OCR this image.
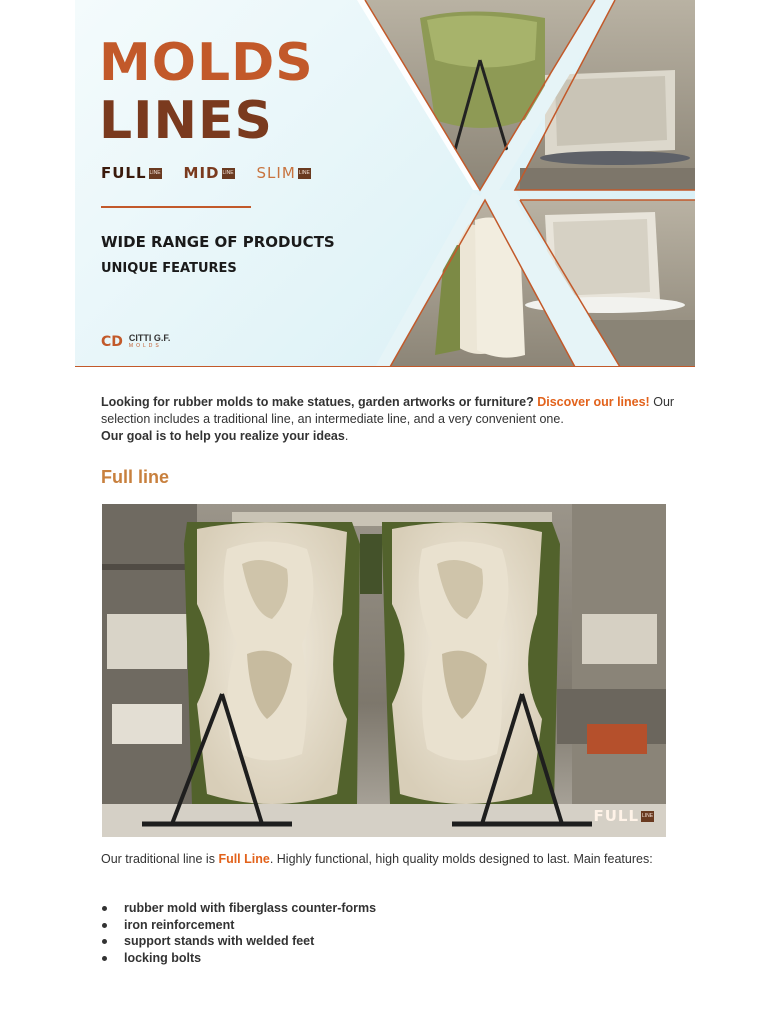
MOLDS
LINES
FULL LINE MID LINE SLIM LINE

WIDE RANGE OF PRODUCTS

UNIQUE FEATURES

CD CITTI G.F.
MOLDS

Looking for rubber molds to make statues, garden artworks or furniture? Discover our lines! Our selection includes a traditional line, an intermediate line, and a very convenient one.
Our goal is to help you realize your ideas.

Full line
FULL LINE

Our traditional line is Full Line. Highly functional, high quality molds designed to last. Main features:

rubber mold with fiberglass counter-forms
iron reinforcement
support stands with welded feet
locking bolts
